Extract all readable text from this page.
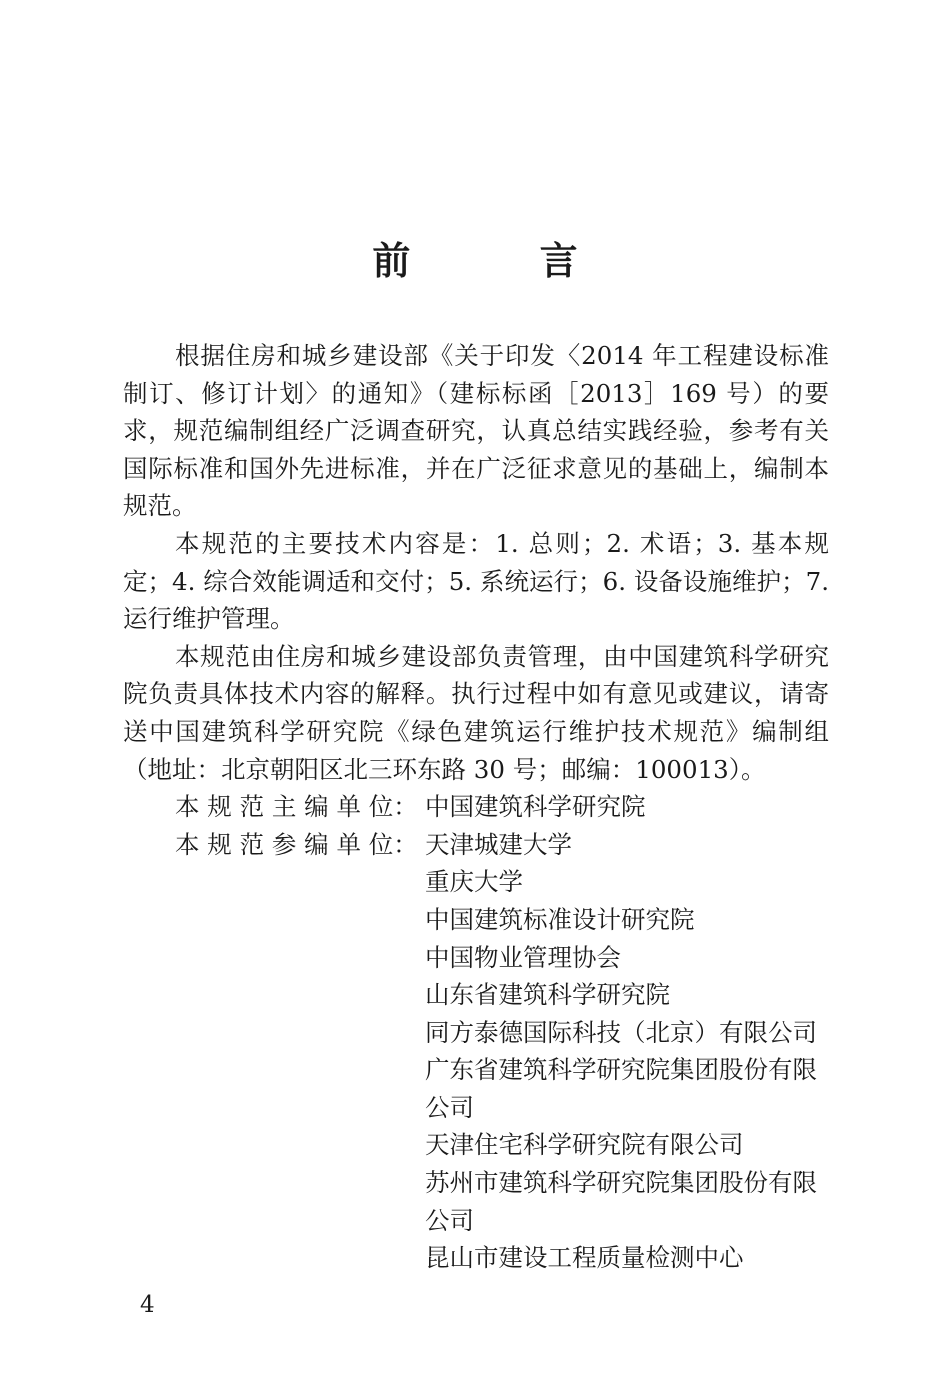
前 言

根据住房和城乡建设部《关于印发〈2014 年工程建设标准制订、修订计划〉的通知》（建标标函［2013］169 号）的要求，规范编制组经广泛调查研究，认真总结实践经验，参考有关国际标准和国外先进标准，并在广泛征求意见的基础上，编制本规范。

本规范的主要技术内容是：1. 总则；2. 术语；3. 基本规定；4. 综合效能调适和交付；5. 系统运行；6. 设备设施维护；7. 运行维护管理。

本规范由住房和城乡建设部负责管理，由中国建筑科学研究院负责具体技术内容的解释。执行过程中如有意见或建议，请寄送中国建筑科学研究院《绿色建筑运行维护技术规范》编制组（地址：北京朝阳区北三环东路 30 号；邮编：100013）。

本 规 范 主 编 单 位： 中国建筑科学研究院
本 规 范 参 编 单 位： 天津城建大学
重庆大学
中国建筑标准设计研究院
中国物业管理协会
山东省建筑科学研究院
同方泰德国际科技（北京）有限公司
广东省建筑科学研究院集团股份有限公司
天津住宅科学研究院有限公司
苏州市建筑科学研究院集团股份有限公司
昆山市建设工程质量检测中心
4
